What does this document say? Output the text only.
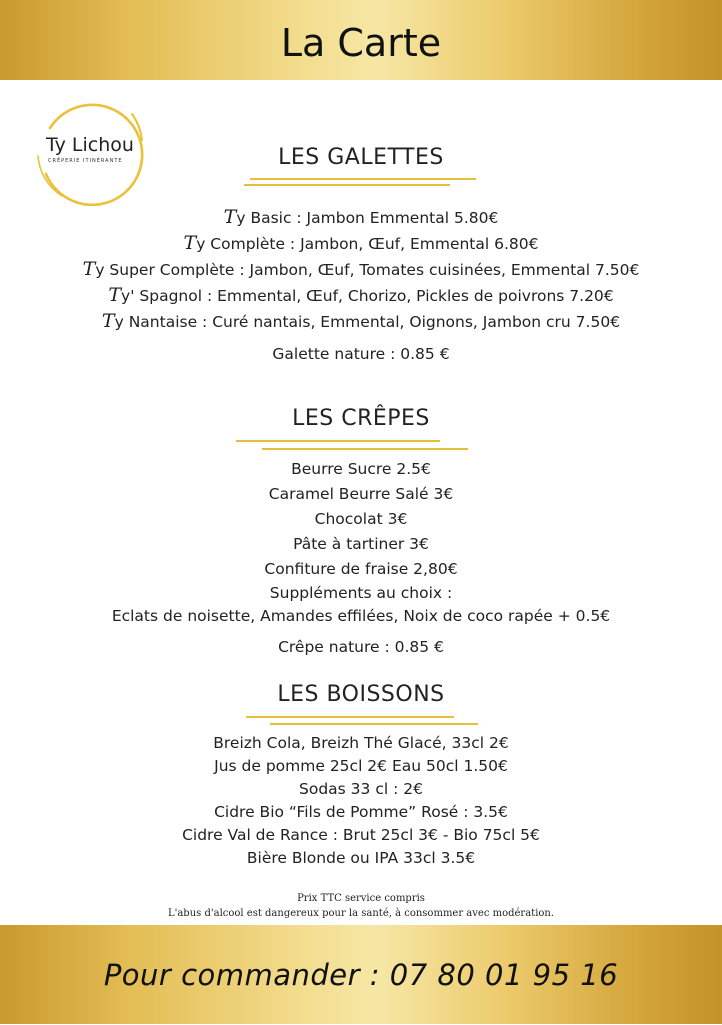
La Carte
Ty Lichou
CRÊPERIE ITINÉRANTE	LES GALETTES
Ty Basic : Jambon Emmental 5.80€
Ty Complète : Jambon, Œuf, Emmental 6.80€
Ty Super Complète : Jambon, Œuf, Tomates cuisinées, Emmental 7.50€
Ty' Spagnol : Emmental, Œuf, Chorizo, Pickles de poivrons 7.20€
Ty Nantaise : Curé nantais, Emmental, Oignons, Jambon cru 7.50€
Galette nature : 0.85 €
LES CRÊPES
Beurre Sucre 2.5€
Caramel Beurre Salé 3€
Chocolat 3€
Pâte à tartiner 3€
Confiture de fraise 2,80€
Suppléments au choix :
Eclats de noisette, Amandes effilées, Noix de coco rapée + 0.5€
Crêpe nature : 0.85 €
LES BOISSONS
Breizh Cola, Breizh Thé Glacé, 33cl 2€
Jus de pomme 25cl 2€ Eau 50cl 1.50€
Sodas 33 cl : 2€
Cidre Bio “Fils de Pomme” Rosé : 3.5€
Cidre Val de Rance : Brut 25cl 3€ - Bio 75cl 5€
Bière Blonde ou IPA 33cl 3.5€
Prix TTC service compris
L'abus d'alcool est dangereux pour la santé, à consommer avec modération.
Pour commander : 07 80 01 95 16
